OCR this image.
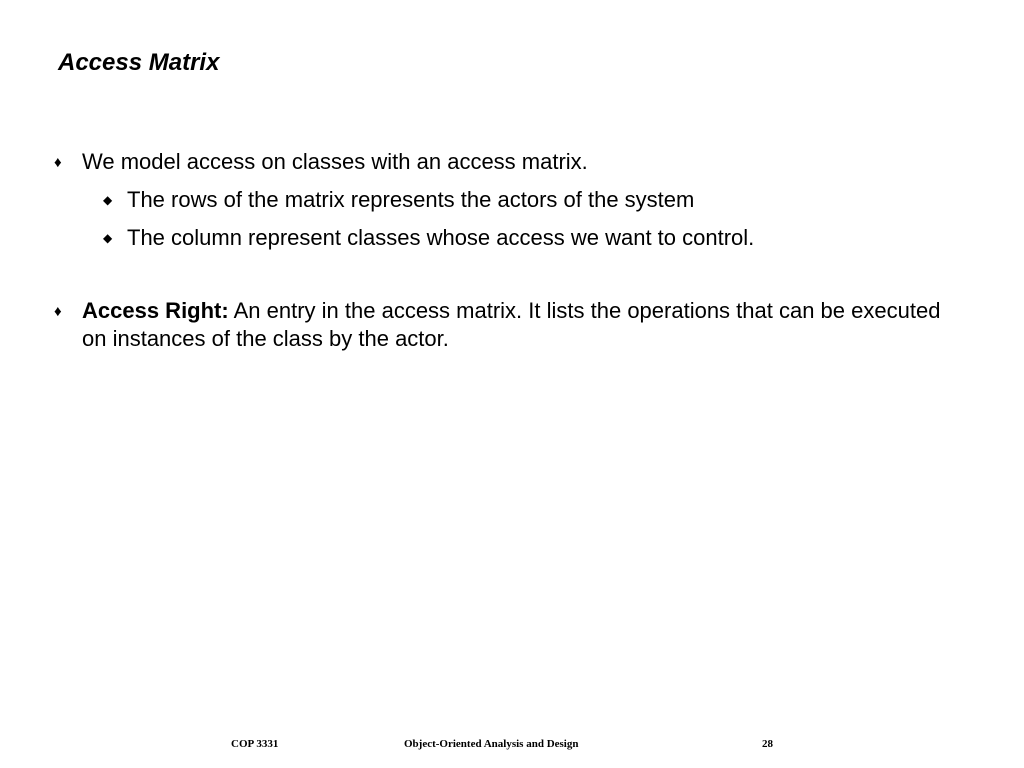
Access Matrix
♦ We model access on classes with an access matrix.
◆ The rows of the matrix represents the actors of the system
◆ The column represent classes whose access we want to control.
♦ Access Right: An entry in the access matrix. It lists the operations that can be executed on instances of the class by the actor.
COP 3331	Object-Oriented Analysis and Design	28
